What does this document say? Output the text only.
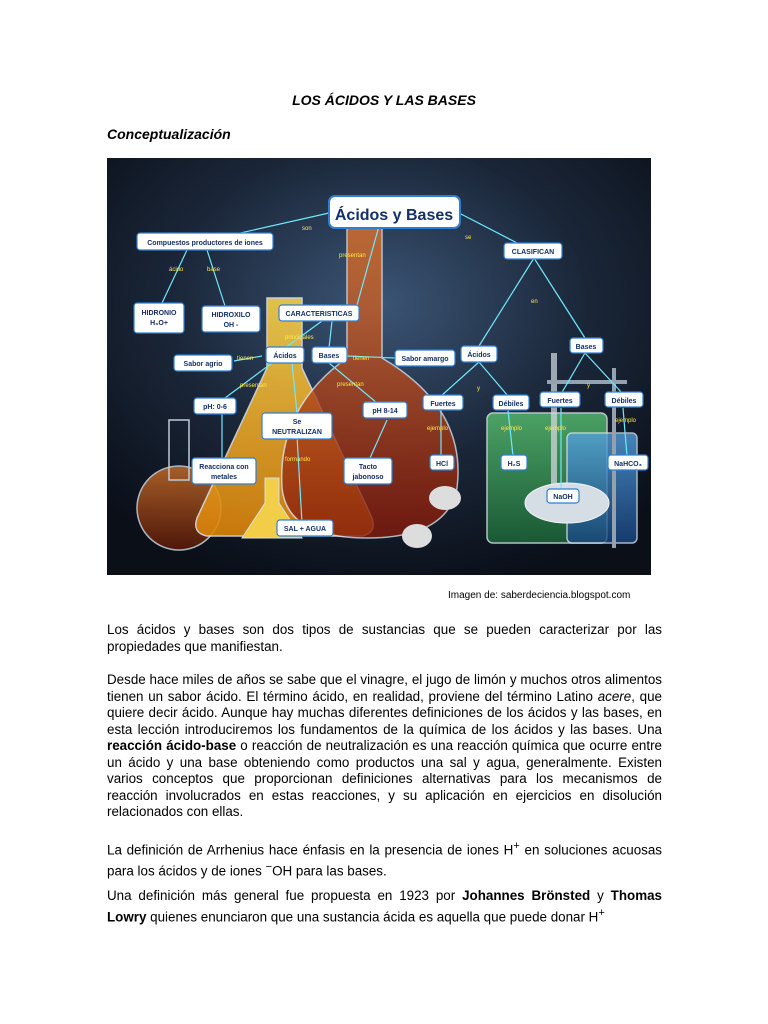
LOS ÁCIDOS Y LAS BASES
Conceptualización
son
se
ácido	base
presentan
principales
tienen	tienen
presentan	presentan
en
y	y
ejemplo	ejemplo	ejemplo
ejemplo
formando
Ácidos y Bases
Compuestos productores de iones
CLASIFICAN
HIDRONIO
H₃O+
HIDROXILO
OH -
CARACTERISTICAS
Sabor agrio
Ácidos	Bases	Sabor amargo
Ácidos
Bases
pH: 0-6
Se
NEUTRALIZAN
pH 8-14
Fuertes	Débiles	Fuertes	Débiles
Reacciona con
metales
Tacto
jabonoso
HCl	H₂S
NaOH
NaHCO₃
SAL + AGUA
Imagen de: saberdeciencia.blogspot.com
Los ácidos y bases son dos tipos de sustancias que se pueden caracterizar por las propiedades que manifiestan.
Desde hace miles de años se sabe que el vinagre, el jugo de limón y muchos otros alimentos tienen un sabor ácido. El término ácido, en realidad, proviene del término Latino acere, que quiere decir ácido. Aunque hay muchas diferentes definiciones de los ácidos y las bases, en esta lección introduciremos los fundamentos de la química de los ácidos y las bases. Una reacción ácido-base o reacción de neutralización es una reacción química que ocurre entre un ácido y una base obteniendo como productos una sal y agua, generalmente. Existen varios conceptos que proporcionan definiciones alternativas para los mecanismos de reacción involucrados en estas reacciones, y su aplicación en ejercicios en disolución relacionados con ellas.
La definición de Arrhenius hace énfasis en la presencia de iones H+ en soluciones acuosas para los ácidos y de iones −OH para las bases.
Una definición más general fue propuesta en 1923 por Johannes Brönsted y Thomas Lowry quienes enunciaron que una sustancia ácida es aquella que puede donar H+
